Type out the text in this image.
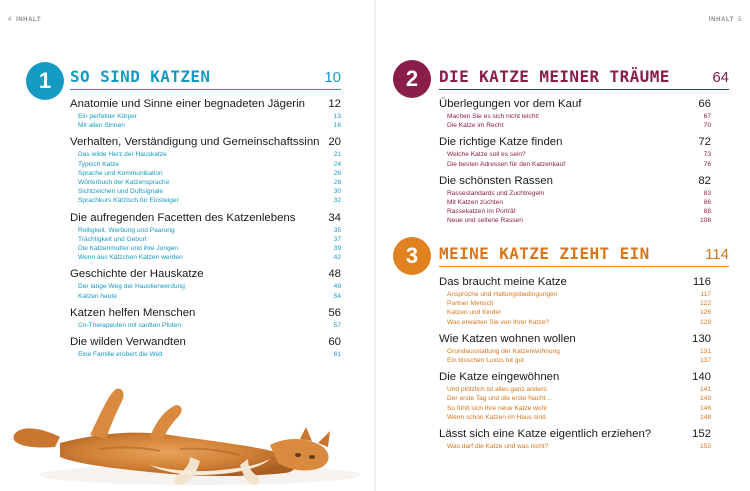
4 INHALT
1 SO SIND KATZEN	10
Anatomie und Sinne einer begnadeten Jägerin 12
Ein perfekter Körper	13
Mit allen Sinnen	16
Verhalten, Verständigung und Gemeinschaftssinn 20
Das wilde Herz der Hauskatze	21
Typisch Katze	24
Sprache und Kommunikation	26
Wörterbuch der Katzensprache	28
Sichtzeichen und Duftsignale	30
Sprachkurs Kätzisch für Einsteiger	32
Die aufregenden Facetten des Katzenlebens	34
Rolligkeit, Werbung und Paarung	35
Trächtigkeit und Geburt	37
Die Katzenmutter und ihre Jungen	39
Wenn aus Kätzchen Katzen werden	42
Geschichte der Hauskatze	48
Der lange Weg der Haustierwerdung	49
Katzen heute	54
Katzen helfen Menschen	56
Co-Therapeuten mit sanften Pfoten	57
Die wilden Verwandten	60
Eine Familie erobert die Welt	61
INHALT 5
2 DIE KATZE MEINER TRÄUME	64
Überlegungen vor dem Kauf	66
Machen Sie es sich nicht leicht!	67
Die Katze im Recht	70
Die richtige Katze finden	72
Welche Katze soll es sein?	73
Die besten Adressen für den Katzenkauf	76
Die schönsten Rassen	82
Rassestandards und Zuchtregeln	83
Mit Katzen züchten	86
Rassekatzen im Porträt	88
Neue und seltene Rassen	108
3 MEINE KATZE ZIEHT EIN	114
Das braucht meine Katze	116
Ansprüche und Haltungsbedingungen	117
Partner Mensch	122
Katzen und Kinder	126
Was erwarten Sie von Ihrer Katze?	129
Wie Katzen wohnen wollen	130
Grundausstattung der Katzenwohnung	131
Ein bisschen Luxus tut gut	137
Die Katze eingewöhnen	140
Und plötzlich ist alles ganz anders	141
Der erste Tag und die erste Nacht ...	143
So fühlt sich Ihre neue Katze wohl	146
Wenn schon Katzen im Haus sind	148
Lässt sich eine Katze eigentlich erziehen?	152
Was darf die Katze und was nicht?	153
